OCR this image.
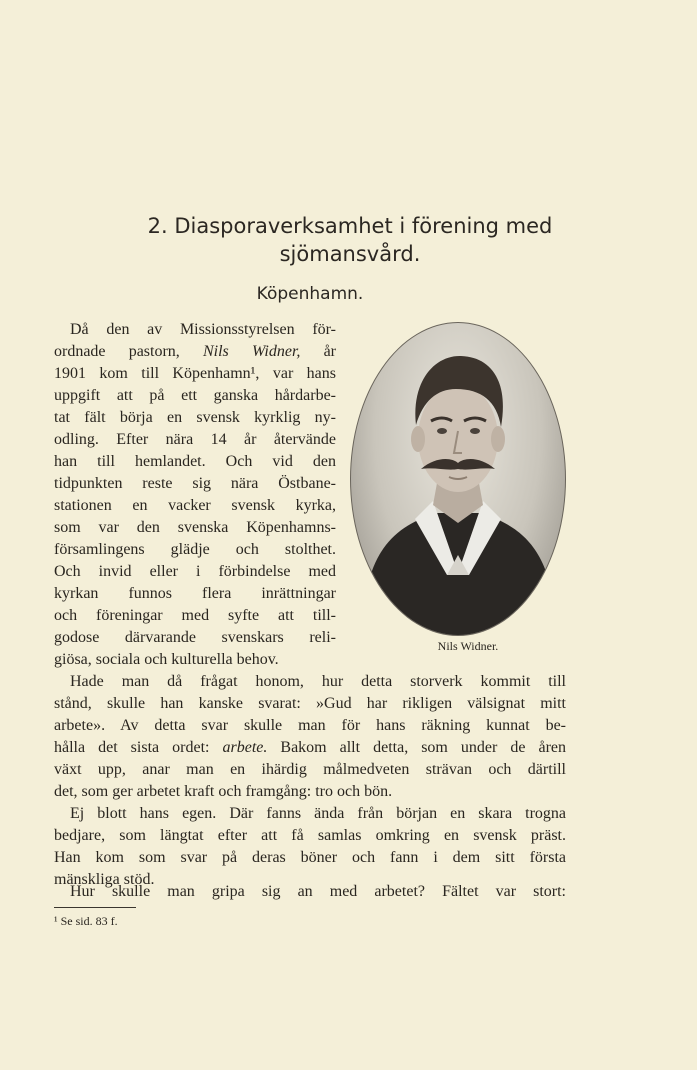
2. Diasporaverksamhet i förening med
sjömansvård.
Köpenhamn.
Nils Widner.
Då den av Missionsstyrelsen för-
ordnade pastorn, Nils Widner, år
1901 kom till Köpenhamn¹, var hans
uppgift att på ett ganska hårdarbe-
tat fält börja en svensk kyrklig ny-
odling. Efter nära 14 år återvände
han till hemlandet. Och vid den
tidpunkten reste sig nära Östbane-
stationen en vacker svensk kyrka,
som var den svenska Köpenhamns-
församlingens glädje och stolthet.
Och invid eller i förbindelse med
kyrkan funnos flera inrättningar
och föreningar med syfte att till-
godose därvarande svenskars reli-
giösa, sociala och kulturella behov.
Hade man då frågat honom, hur detta storverk kommit till
stånd, skulle han kanske svarat: »Gud har rikligen välsignat mitt
arbete». Av detta svar skulle man för hans räkning kunnat be-
hålla det sista ordet: arbete. Bakom allt detta, som under de åren
växt upp, anar man en ihärdig målmedveten strävan och därtill
det, som ger arbetet kraft och framgång: tro och bön.
Ej blott hans egen. Där fanns ända från början en skara trogna
bedjare, som längtat efter att få samlas omkring en svensk präst.
Han kom som svar på deras böner och fann i dem sitt första
mänskliga stöd.
Hur skulle man gripa sig an med arbetet? Fältet var stort:
¹ Se sid. 83 f.
